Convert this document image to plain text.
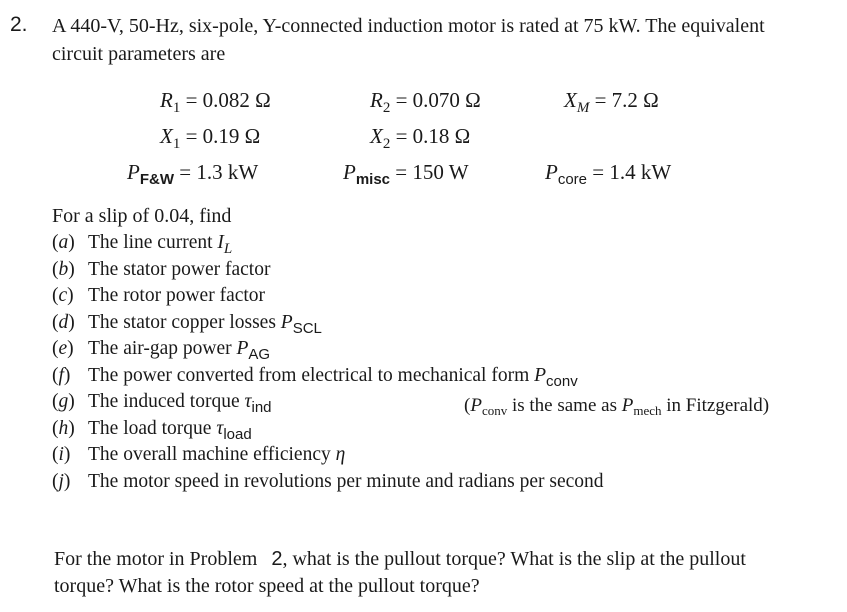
2. A 440-V, 50-Hz, six-pole, Y-connected induction motor is rated at 75 kW. The equivalent
circuit parameters are
$R_1 = 0.082$ Ω	$R_2 = 0.070$ Ω	$X_M = 7.2$ Ω
$X_1 = 0.19$ Ω	$X_2 = 0.18$ Ω
$P_{F\&W} = 1.3$ kW	$P_{misc} = 150$ W	$P_{core} = 1.4$ kW
For a slip of 0.04, find
(a) The line current $I_L$
(b) The stator power factor
(c) The rotor power factor
(d) The stator copper losses $P_{SCL}$
(e) The air-gap power $P_{AG}$
(f) The power converted from electrical to mechanical form $P_{conv}$
(g) The induced torque $\tau_{ind}$
(h) The load torque $\tau_{load}$
(i) The overall machine efficiency η
(j) The motor speed in revolutions per minute and radians per second
($P_{conv}$ is the same as $P_{mech}$ in Fitzgerald)
For the motor in Problem 2, what is the pullout torque? What is the slip at the pullout
torque? What is the rotor speed at the pullout torque?
